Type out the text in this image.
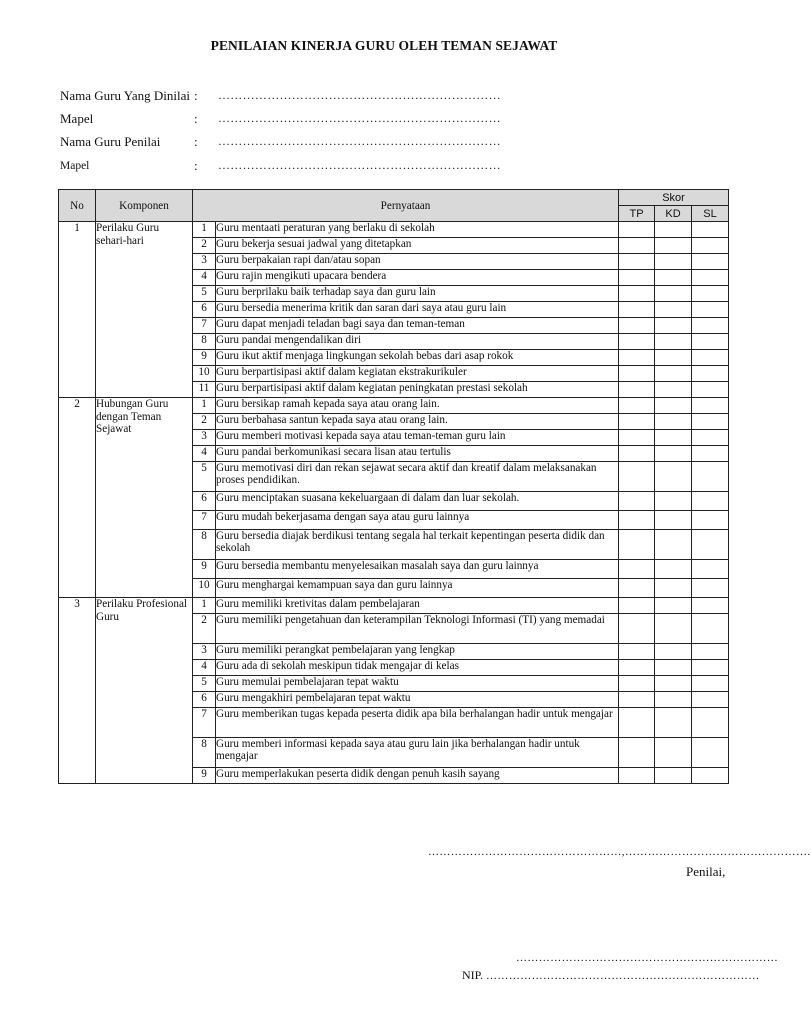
PENILAIAN KINERJA GURU OLEH TEMAN SEJAWAT
Nama Guru Yang Dinilai : ……………………………………………………………
Mapel	: ……………………………………………………………
Nama Guru Penilai	: ……………………………………………………………
Mapel	: ……………………………………………………………
No	Komponen	Pernyataan		Skor		
				TP	KD	SL
1	Perilaku Guru sehari-hari	1	Guru mentaati peraturan yang berlaku di sekolah			
		2	Guru bekerja sesuai jadwal yang ditetapkan			
		3	Guru berpakaian rapi dan/atau sopan			
		4	Guru rajin mengikuti upacara bendera			
		5	Guru berprilaku baik terhadap saya dan guru lain			
		6	Guru bersedia menerima kritik dan saran dari saya atau guru lain			
		7	Guru dapat menjadi teladan bagi saya dan teman-teman			
		8	Guru pandai mengendalikan diri			
		9	Guru ikut aktif menjaga lingkungan sekolah bebas dari asap rokok			
		10	Guru berpartisipasi aktif dalam kegiatan ekstrakurikuler			
		11	Guru berpartisipasi aktif dalam kegiatan peningkatan prestasi sekolah			
2	Hubungan Guru dengan Teman Sejawat	1	Guru bersikap ramah kepada saya atau orang lain.			
		2	Guru berbahasa santun kepada saya atau orang lain.			
		3	Guru memberi motivasi kepada saya atau teman-teman guru lain			
		4	Guru pandai berkomunikasi secara lisan atau tertulis			
		5	Guru memotivasi diri dan rekan sejawat secara aktif dan kreatif dalam melaksanakan proses pendidikan.			
		6	Guru menciptakan suasana kekeluargaan di dalam dan luar sekolah.			
		7	Guru mudah bekerjasama dengan saya atau guru lainnya			
		8	Guru bersedia diajak berdikusi tentang segala hal terkait kepentingan peserta didik dan sekolah			
		9	Guru bersedia membantu menyelesaikan masalah saya dan guru lainnya			
		10	Guru menghargai kemampuan saya dan guru lainnya			
3	Perilaku Profesional Guru	1	Guru memiliki kretivitas dalam pembelajaran			
		2	Guru memiliki pengetahuan dan keterampilan Teknologi Informasi (TI) yang memadai			
		3	Guru memiliki perangkat pembelajaran yang lengkap			
		4	Guru ada di sekolah meskipun tidak mengajar di kelas			
		5	Guru memulai pembelajaran tepat waktu			
		6	Guru mengakhiri pembelajaran tepat waktu			
		7	Guru memberikan tugas kepada peserta didik apa bila berhalangan hadir untuk mengajar			
		8	Guru memberi informasi kepada saya atau guru lain jika berhalangan hadir untuk mengajar			
		9	Guru memperlakukan peserta didik dengan penuh kasih sayang			
……………………………………………,………………………………………….
Penilai,
……………………………………………………………
NIP. ………………………………………………………………
